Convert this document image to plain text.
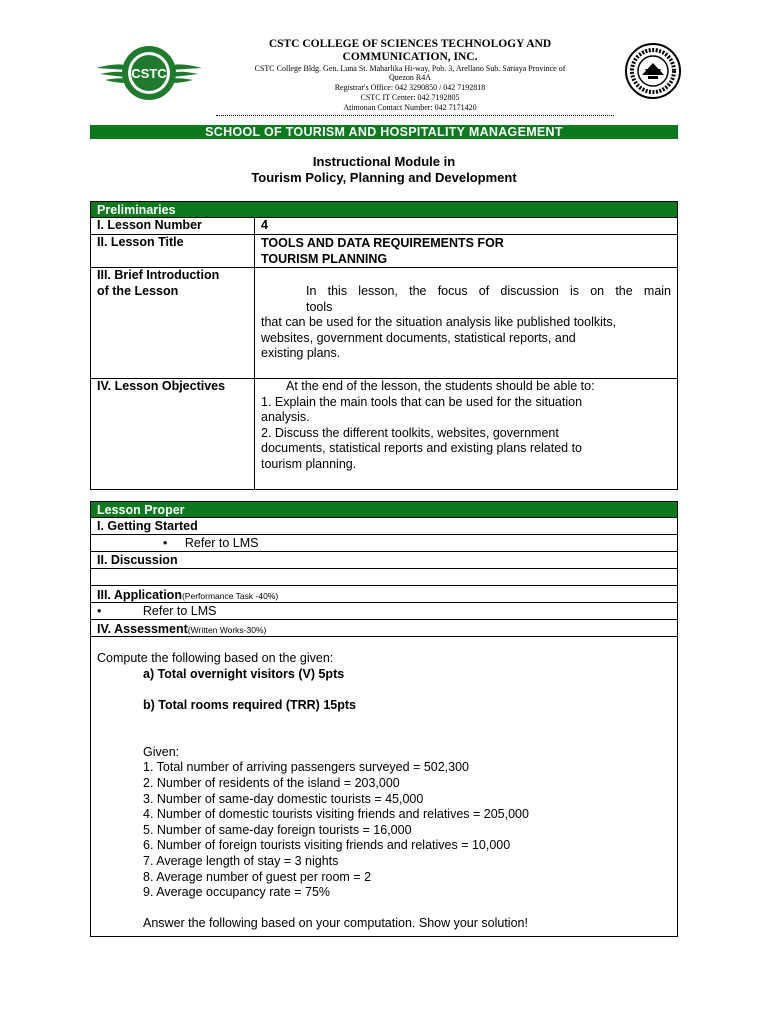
CSTC
CSTC COLLEGE OF SCIENCES TECHNOLOGY AND
COMMUNICATION, INC.
CSTC College Bldg. Gen. Luna St. Maharlika Hi-way, Pob. 3, Arellano Sub. Sariaya Province of
Quezon R4A
Registrar's Office: 042 3290850 / 042 7192818
CSTC IT Center: 042 7192805
Atimonan Contact Number: 042 7171420
SCHOOL OF TOURISM AND HOSPITALITY MANAGEMENT
Instructional Module in
Tourism Policy, Planning and Development
Preliminaries
I. Lesson Number	4
II. Lesson Title	TOOLS AND DATA REQUIREMENTS FOR
TOURISM PLANNING
III. Brief Introduction
of the Lesson	In this lesson, the focus of discussion is on the main
tools
that can be used for the situation analysis like published toolkits,
websites, government documents, statistical reports, and
existing plans.
IV. Lesson Objectives	At the end of the lesson, the students should be able to:
1. Explain the main tools that can be used for the situation
analysis.
2. Discuss the different toolkits, websites, government
documents, statistical reports and existing plans related to
tourism planning.
Lesson Proper
I. Getting Started
• Refer to LMS
II. Discussion
III. Application(Performance Task -40%)
•	Refer to LMS
IV. Assessment(Written Works-30%)
Compute the following based on the given:
a) Total overnight visitors (V) 5pts
b) Total rooms required (TRR) 15pts
Given:
1. Total number of arriving passengers surveyed = 502,300
2. Number of residents of the island = 203,000
3. Number of same-day domestic tourists = 45,000
4. Number of domestic tourists visiting friends and relatives = 205,000
5. Number of same-day foreign tourists = 16,000
6. Number of foreign tourists visiting friends and relatives = 10,000
7. Average length of stay = 3 nights
8. Average number of guest per room = 2
9. Average occupancy rate = 75%
Answer the following based on your computation. Show your solution!
